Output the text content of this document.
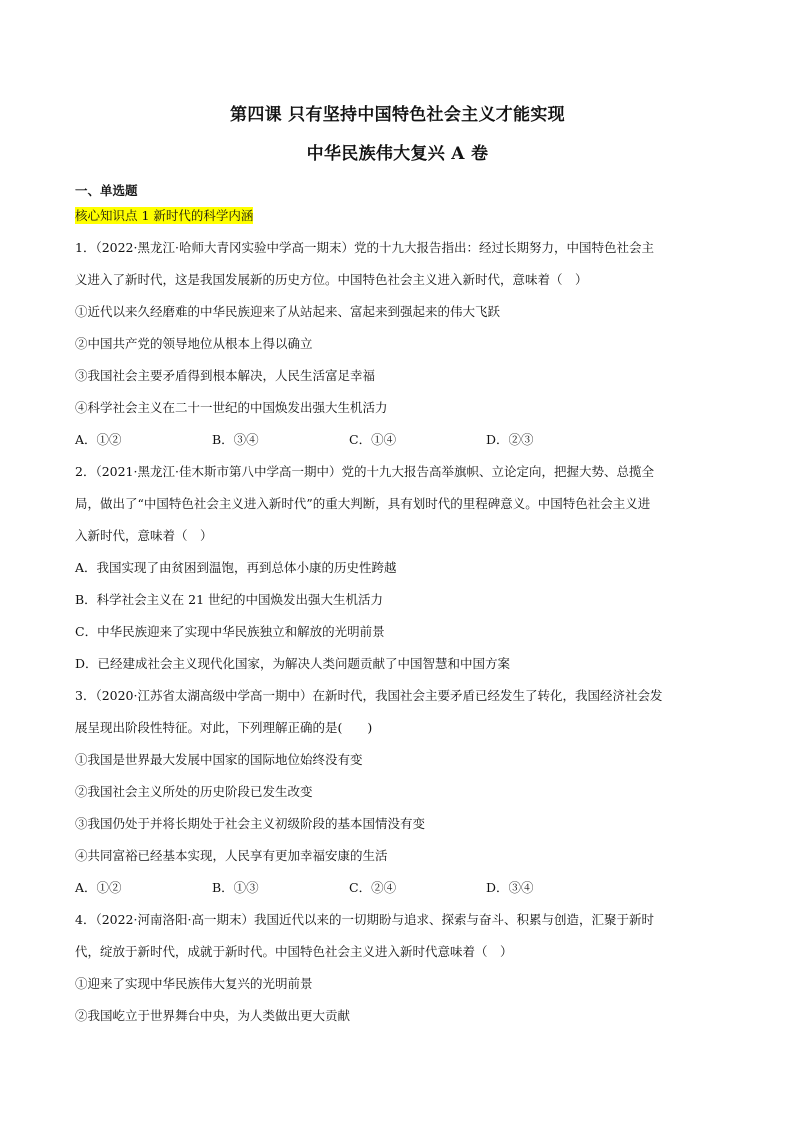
第四课 只有坚持中国特色社会主义才能实现
中华民族伟大复兴 A 卷
一、单选题
核心知识点 1 新时代的科学内涵

1．（2022·黑龙江·哈师大青冈实验中学高一期末）党的十九大报告指出：经过长期努力，中国特色社会主

义进入了新时代，这是我国发展新的历史方位。中国特色社会主义进入新时代，意味着（　）

①近代以来久经磨难的中华民族迎来了从站起来、富起来到强起来的伟大飞跃
②中国共产党的领导地位从根本上得以确立
③我国社会主要矛盾得到根本解决，人民生活富足幸福
④科学社会主义在二十一世纪的中国焕发出强大生机活力
A．①②	B．③④	C．①④	D．②③

2．（2021·黑龙江·佳木斯市第八中学高一期中）党的十九大报告高举旗帜、立论定向，把握大势、总揽全

局，做出了“中国特色社会主义进入新时代”的重大判断，具有划时代的里程碑意义。中国特色社会主义进

入新时代，意味着（　）

A．我国实现了由贫困到温饱，再到总体小康的历史性跨越
B．科学社会主义在 21 世纪的中国焕发出强大生机活力
C．中华民族迎来了实现中华民族独立和解放的光明前景
D．已经建成社会主义现代化国家，为解决人类问题贡献了中国智慧和中国方案

3．（2020·江苏省太湖高级中学高一期中）在新时代，我国社会主要矛盾已经发生了转化，我国经济社会发

展呈现出阶段性特征。对此，下列理解正确的是(　　)

①我国是世界最大发展中国家的国际地位始终没有变
②我国社会主义所处的历史阶段已发生改变
③我国仍处于并将长期处于社会主义初级阶段的基本国情没有变
④共同富裕已经基本实现，人民享有更加幸福安康的生活
A．①②	B．①③	C．②④	D．③④

4．（2022·河南洛阳·高一期末）我国近代以来的一切期盼与追求、探索与奋斗、积累与创造，汇聚于新时

代，绽放于新时代，成就于新时代。中国特色社会主义进入新时代意味着（　）

①迎来了实现中华民族伟大复兴的光明前景
②我国屹立于世界舞台中央，为人类做出更大贡献
